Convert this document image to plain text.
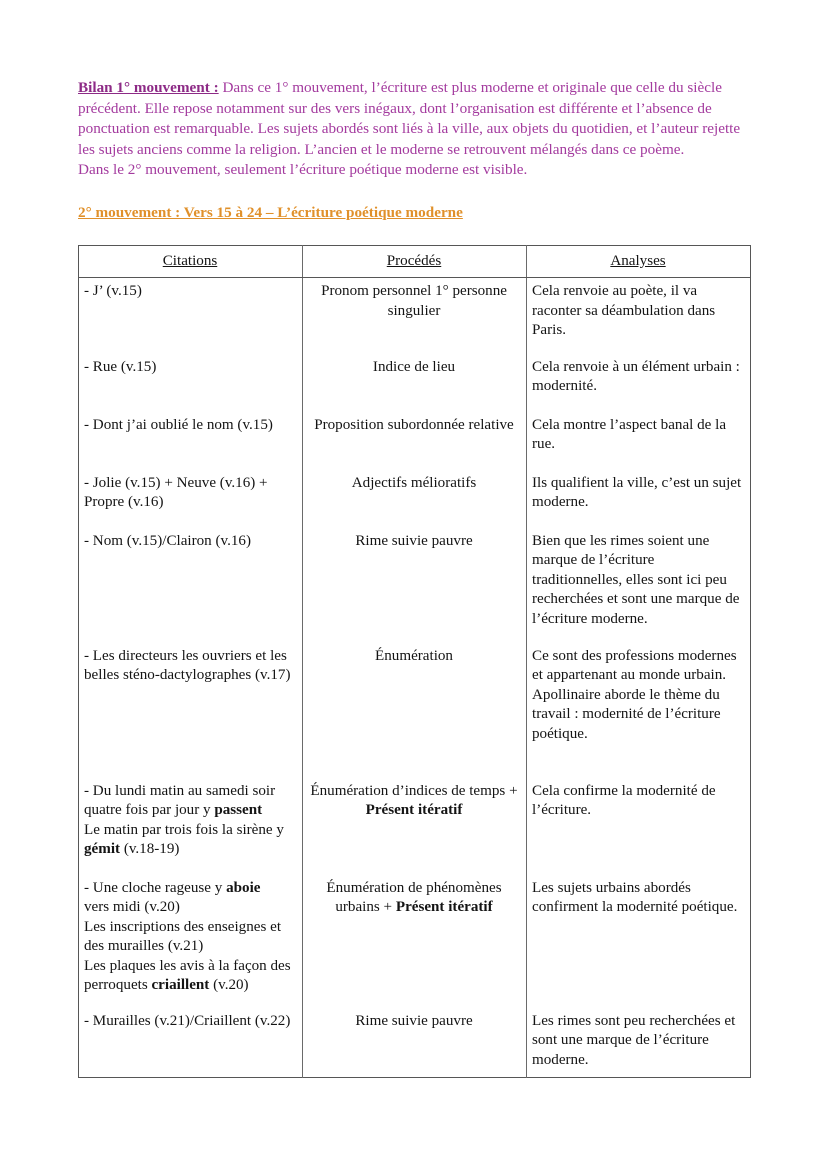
Bilan 1° mouvement : Dans ce 1° mouvement, l’écriture est plus moderne et originale que celle du siècle précédent. Elle repose notamment sur des vers inégaux, dont l’organisation est différente et l’absence de ponctuation est remarquable. Les sujets abordés sont liés à la ville, aux objets du quotidien, et l’auteur rejette les sujets anciens comme la religion. L’ancien et le moderne se retrouvent mélangés dans ce poème.
Dans le 2° mouvement, seulement l’écriture poétique moderne est visible.

2° mouvement : Vers 15 à 24 – L’écriture poétique moderne
Citations	Procédés	Analyses
- J’ (v.15)	Pronom personnel 1° personne singulier	Cela renvoie au poète, il va raconter sa déambulation dans Paris.
- Rue (v.15)	Indice de lieu	Cela renvoie à un élément urbain : modernité.
- Dont j’ai oublié le nom (v.15)	Proposition subordonnée relative	Cela montre l’aspect banal de la rue.
- Jolie (v.15) + Neuve (v.16) + Propre (v.16)	Adjectifs mélioratifs	Ils qualifient la ville, c’est un sujet moderne.
- Nom (v.15)/Clairon (v.16)	Rime suivie pauvre	Bien que les rimes soient une marque de l’écriture traditionnelles, elles sont ici peu recherchées et sont une marque de l’écriture moderne.
- Les directeurs les ouvriers et les belles sténo-dactylographes (v.17)	Énumération	Ce sont des professions modernes et appartenant au monde urbain. Apollinaire aborde le thème du travail : modernité de l’écriture poétique.
- Du lundi matin au samedi soir quatre fois par jour y passent
Le matin par trois fois la sirène y gémit (v.18-19)	Énumération d’indices de temps + Présent itératif	Cela confirme la modernité de l’écriture.
- Une cloche rageuse y aboie
vers midi (v.20)
Les inscriptions des enseignes et des murailles (v.21)
Les plaques les avis à la façon des perroquets criaillent (v.20)	Énumération de phénomènes urbains + Présent itératif	Les sujets urbains abordés confirment la modernité poétique.
- Murailles (v.21)/Criaillent (v.22)	Rime suivie pauvre	Les rimes sont peu recherchées et sont une marque de l’écriture moderne.
